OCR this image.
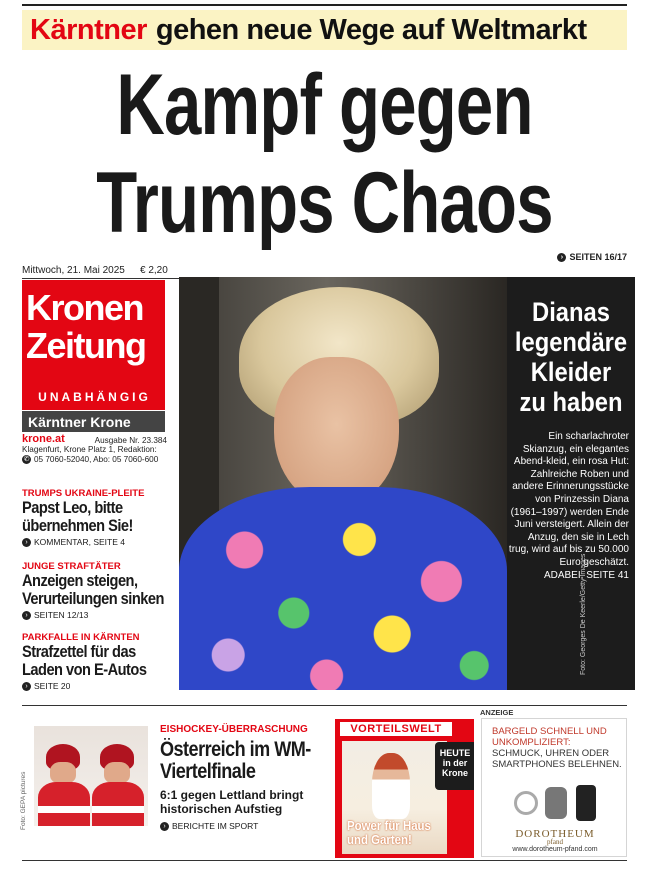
Kärntner gehen neue Wege auf Weltmarkt
Kampf gegen
Trumps Chaos
› SEITEN 16/17
Mittwoch, 21. Mai 2025 € 2,20
Kronen
Zeitung
UNABHÄNGIG
Kärntner Krone
krone.at	Ausgabe Nr. 23.384
Klagenfurt, Krone Platz 1, Redaktion:
✆ 05 7060-52040, Abo: 05 7060-600
TRUMPS UKRAINE-PLEITE
Papst Leo, bitte übernehmen Sie!
› KOMMENTAR, SEITE 4
JUNGE STRAFTÄTER
Anzeigen steigen, Verurteilungen sinken
› SEITEN 12/13
PARKFALLE IN KÄRNTEN
Strafzettel für das Laden von E-Autos
› SEITE 20
Dianas legendäre Kleider zu haben
Ein scharlachroter Skianzug, ein elegantes Abend-kleid, ein rosa Hut: Zahlreiche Roben und andere Erinnerungsstücke von Prinzessin Diana (1961–1997) werden Ende Juni versteigert. Allein der Anzug, den sie in Lech trug, wird auf bis zu 50.000 Euro geschätzt.
ADABEI, SEITE 41
Foto: Georges De Keerle/Getty Images
Foto: GEPA pictures
EISHOCKEY-ÜBERRASCHUNG
Österreich im WM-Viertelfinale
6:1 gegen Lettland bringt historischen Aufstieg
› BERICHTE IM SPORT
VORTEILSWELT
Power für Haus und Garten!
HEUTE in der Krone
ANZEIGE
BARGELD SCHNELL UND UNKOMPLIZIERT:
SCHMUCK, UHREN ODER SMARTPHONES BELEHNEN.
DOROTHEUM
pfand
www.dorotheum-pfand.com
